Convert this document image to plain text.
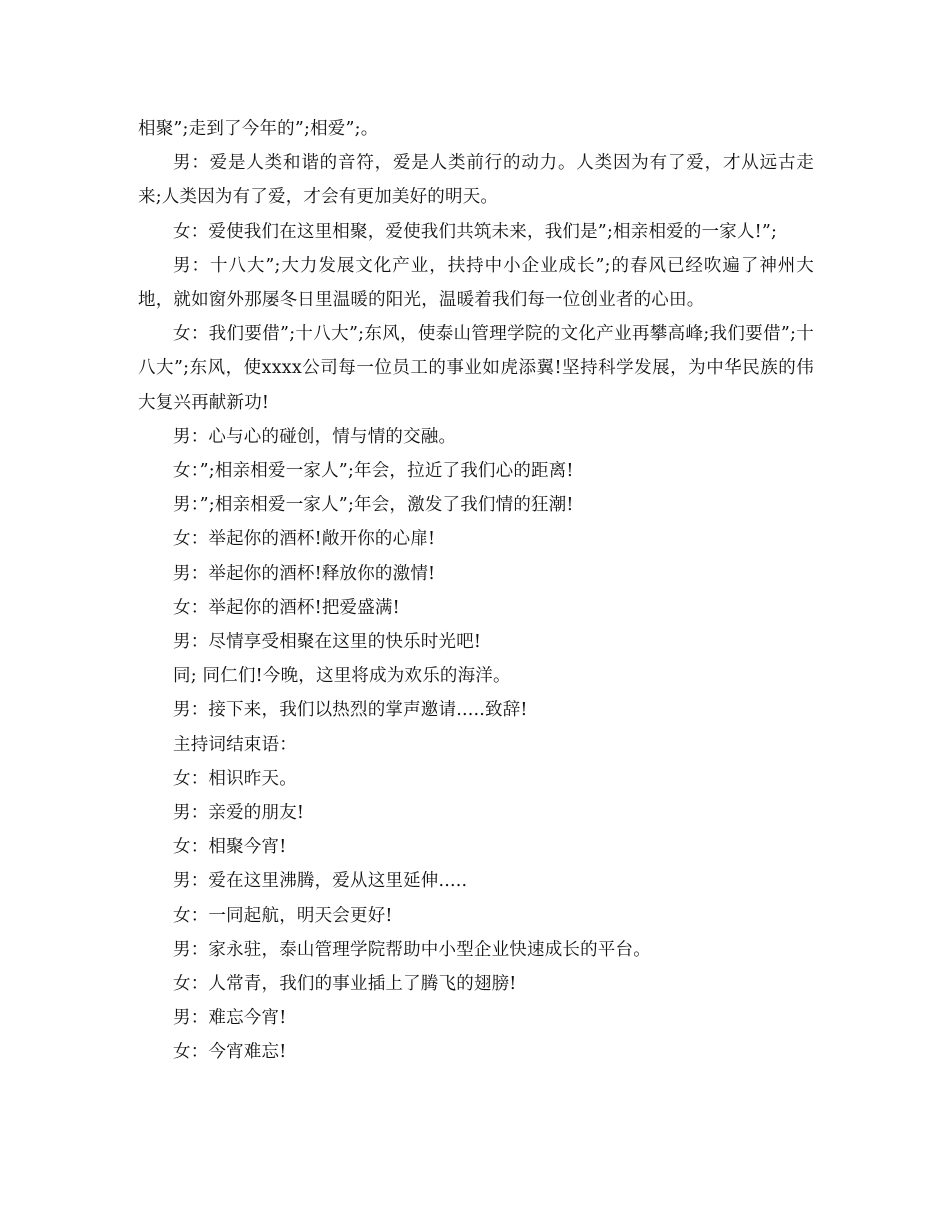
相聚”;走到了今年的”;相爱”;。

男：爱是人类和谐的音符，爱是人类前行的动力。人类因为有了爱，才从远古走来;人类因为有了爱，才会有更加美好的明天。

女：爱使我们在这里相聚，爱使我们共筑未来，我们是”;相亲相爱的一家人!”;

男：十八大”;大力发展文化产业，扶持中小企业成长”;的春风已经吹遍了神州大地，就如窗外那屡冬日里温暖的阳光，温暖着我们每一位创业者的心田。

女：我们要借”;十八大”;东风，使泰山管理学院的文化产业再攀高峰;我们要借”;十八大”;东风，使xxxx公司每一位员工的事业如虎添翼!坚持科学发展，为中华民族的伟大复兴再献新功!

男：心与心的碰创，情与情的交融。

女：”;相亲相爱一家人”;年会，拉近了我们心的距离!

男：”;相亲相爱一家人”;年会，激发了我们情的狂潮!

女：举起你的酒杯!敞开你的心扉!

男：举起你的酒杯!释放你的激情!

女：举起你的酒杯!把爱盛满!

男：尽情享受相聚在这里的快乐时光吧!

同; 同仁们!今晚，这里将成为欢乐的海洋。

男：接下来，我们以热烈的掌声邀请.....致辞!

主持词结束语：

女：相识昨天。

男：亲爱的朋友!

女：相聚今宵!

男：爱在这里沸腾，爱从这里延伸.....

女：一同起航，明天会更好!

男：家永驻，泰山管理学院帮助中小型企业快速成长的平台。

女：人常青，我们的事业插上了腾飞的翅膀!

男：难忘今宵!

女：今宵难忘!
